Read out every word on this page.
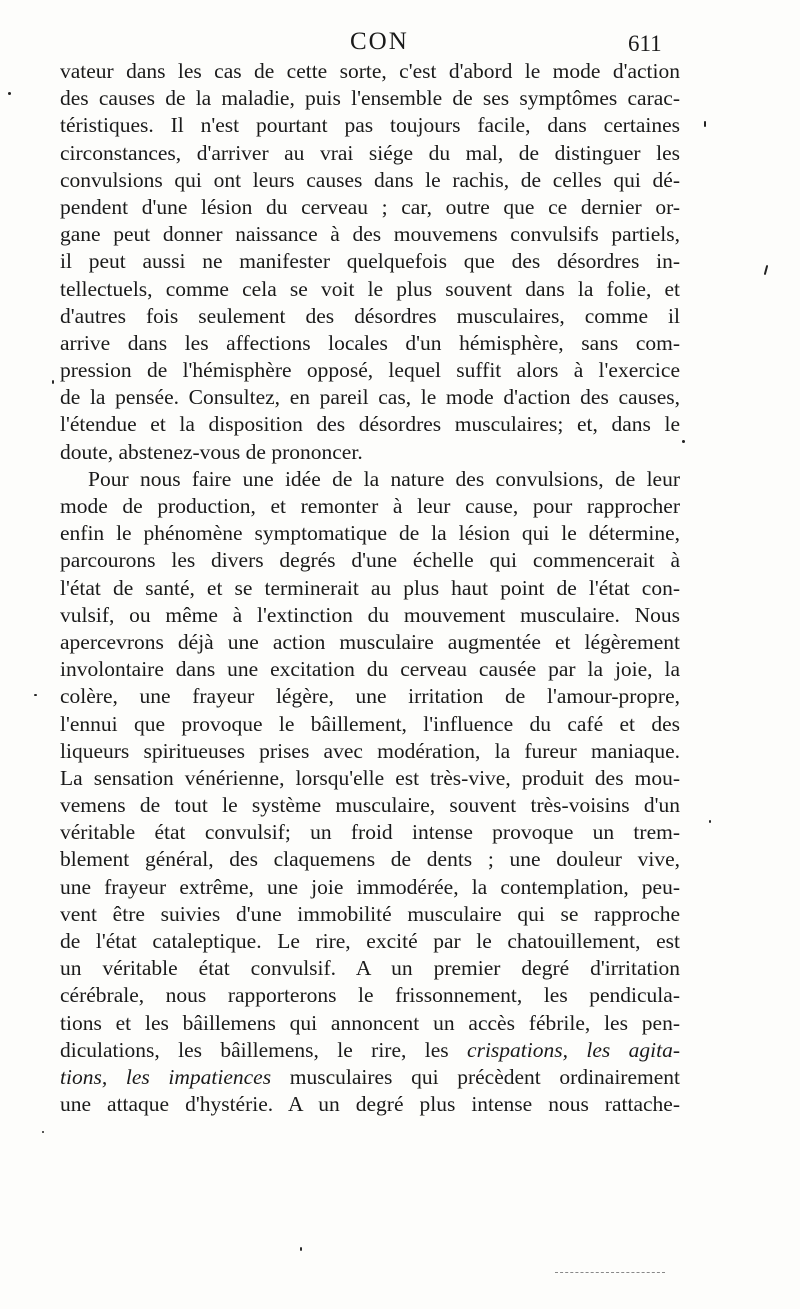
CON	611
vateur dans les cas de cette sorte, c'est d'abord le mode d'action
des causes de la maladie, puis l'ensemble de ses symptômes carac-
téristiques. Il n'est pourtant pas toujours facile, dans certaines
circonstances, d'arriver au vrai siége du mal, de distinguer les
convulsions qui ont leurs causes dans le rachis, de celles qui dé-
pendent d'une lésion du cerveau ; car, outre que ce dernier or-
gane peut donner naissance à des mouvemens convulsifs partiels,
il peut aussi ne manifester quelquefois que des désordres in-
tellectuels, comme cela se voit le plus souvent dans la folie, et
d'autres fois seulement des désordres musculaires, comme il
arrive dans les affections locales d'un hémisphère, sans com-
pression de l'hémisphère opposé, lequel suffit alors à l'exercice
de la pensée. Consultez, en pareil cas, le mode d'action des causes,
l'étendue et la disposition des désordres musculaires; et, dans le
doute, abstenez-vous de prononcer.
Pour nous faire une idée de la nature des convulsions, de leur
mode de production, et remonter à leur cause, pour rapprocher
enfin le phénomène symptomatique de la lésion qui le détermine,
parcourons les divers degrés d'une échelle qui commencerait à
l'état de santé, et se terminerait au plus haut point de l'état con-
vulsif, ou même à l'extinction du mouvement musculaire. Nous
apercevrons déjà une action musculaire augmentée et légèrement
involontaire dans une excitation du cerveau causée par la joie, la
colère, une frayeur légère, une irritation de l'amour-propre,
l'ennui que provoque le bâillement, l'influence du café et des
liqueurs spiritueuses prises avec modération, la fureur maniaque.
La sensation vénérienne, lorsqu'elle est très-vive, produit des mou-
vemens de tout le système musculaire, souvent très-voisins d'un
véritable état convulsif; un froid intense provoque un trem-
blement général, des claquemens de dents ; une douleur vive,
une frayeur extrême, une joie immodérée, la contemplation, peu-
vent être suivies d'une immobilité musculaire qui se rapproche
de l'état cataleptique. Le rire, excité par le chatouillement, est
un véritable état convulsif. A un premier degré d'irritation
cérébrale, nous rapporterons le frissonnement, les pendicula-
tions et les bâillemens qui annoncent un accès fébrile, les pen-
diculations, les bâillemens, le rire, les crispations, les agita-
tions, les impatiences musculaires qui précèdent ordinairement
une attaque d'hystérie. A un degré plus intense nous rattache-
